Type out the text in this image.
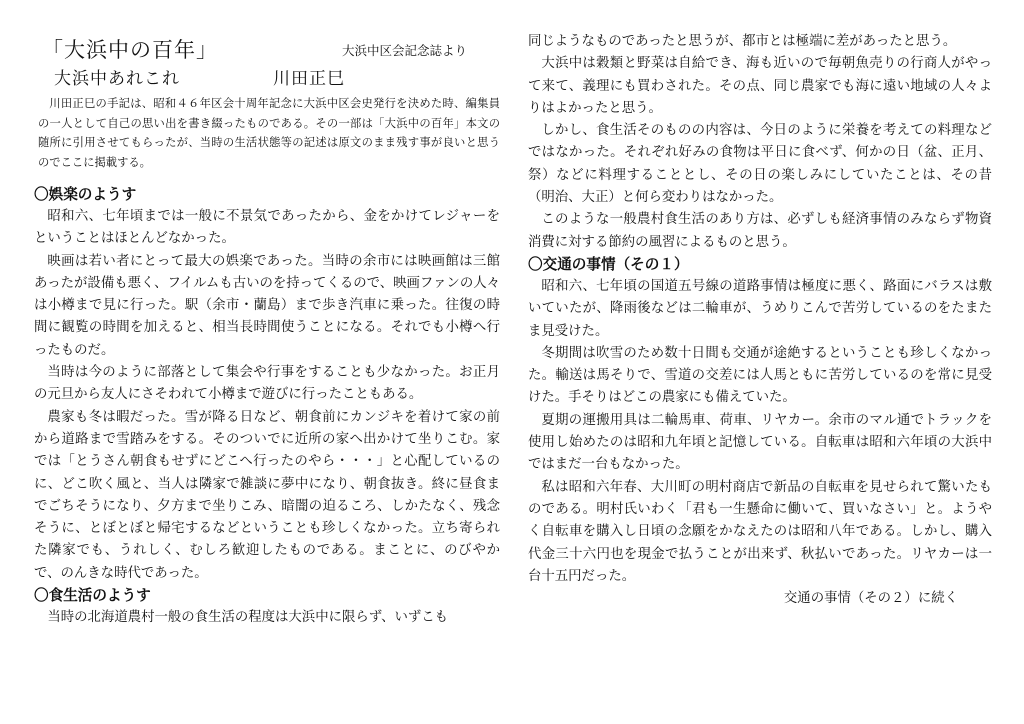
「大浜中の百年」	大浜中区会記念誌より
大浜中あれこれ	川田正巳

川田正巳の手記は、昭和４６年区会十周年記念に大浜中区会史発行を決めた時、編集員の一人として自己の思い出を書き綴ったものである。その一部は「大浜中の百年」本文の随所に引用させてもらったが、当時の生活状態等の記述は原文のまま残す事が良いと思うのでここに掲載する。

〇娯楽のようす

昭和六、七年頃までは一般に不景気であったから、金をかけてレジャーをということはほとんどなかった。

映画は若い者にとって最大の娯楽であった。当時の余市には映画館は三館あったが設備も悪く、フイルムも古いのを持ってくるので、映画ファンの人々は小樽まで見に行った。駅（余市・蘭島）まで歩き汽車に乗った。往復の時間に観覧の時間を加えると、相当長時間使うことになる。それでも小樽へ行ったものだ。

当時は今のように部落として集会や行事をすることも少なかった。お正月の元旦から友人にさそわれて小樽まで遊びに行ったこともある。

農家も冬は暇だった。雪が降る日など、朝食前にカンジキを着けて家の前から道路まで雪踏みをする。そのついでに近所の家へ出かけて坐りこむ。家では「とうさん朝食もせずにどこへ行ったのやら・・・」と心配しているのに、どこ吹く風と、当人は隣家で雑談に夢中になり、朝食抜き。終に昼食までごちそうになり、夕方まで坐りこみ、暗闇の迫るころ、しかたなく、残念そうに、とぼとぼと帰宅するなどということも珍しくなかった。立ち寄られた隣家でも、うれしく、むしろ歓迎したものである。まことに、のびやかで、のんきな時代であった。

〇食生活のようす

当時の北海道農村一般の食生活の程度は大浜中に限らず、いずこも

同じようなものであったと思うが、都市とは極端に差があったと思う。

大浜中は穀類と野菜は自給でき、海も近いので毎朝魚売りの行商人がやって来て、義理にも買わされた。その点、同じ農家でも海に遠い地域の人々よりはよかったと思う。

しかし、食生活そのものの内容は、今日のように栄養を考えての料理などではなかった。それぞれ好みの食物は平日に食べず、何かの日（盆、正月、祭）などに料理することとし、その日の楽しみにしていたことは、その昔（明治、大正）と何ら変わりはなかった。

このような一般農村食生活のあり方は、必ずしも経済事情のみならず物資消費に対する節約の風習によるものと思う。

〇交通の事情（その１）

昭和六、七年頃の国道五号線の道路事情は極度に悪く、路面にバラスは敷いていたが、降雨後などは二輪車が、うめりこんで苦労しているのをたまたま見受けた。

冬期間は吹雪のため数十日間も交通が途絶するということも珍しくなかった。輸送は馬そりで、雪道の交差には人馬ともに苦労しているのを常に見受けた。手そりはどこの農家にも備えていた。

夏期の運搬用具は二輪馬車、荷車、リヤカー。余市のマル通でトラックを使用し始めたのは昭和九年頃と記憶している。自転車は昭和六年頃の大浜中ではまだ一台もなかった。

私は昭和六年春、大川町の明村商店で新品の自転車を見せられて驚いたものである。明村氏いわく「君も一生懸命に働いて、買いなさい」と。ようやく自転車を購入し日頃の念願をかなえたのは昭和八年である。しかし、購入代金三十六円也を現金で払うことが出来ず、秋払いであった。リヤカーは一台十五円だった。

交通の事情（その２）に続く
